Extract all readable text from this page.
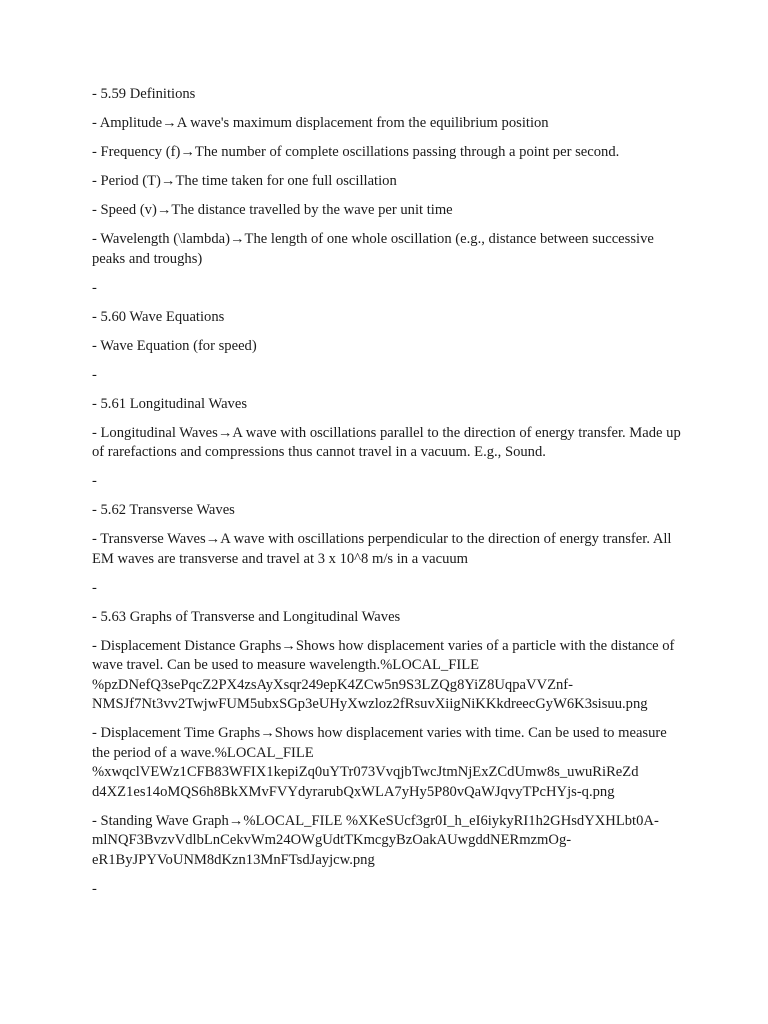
- 5.59 Definitions

- Amplitude→A wave's maximum displacement from the equilibrium position

- Frequency (f)→The number of complete oscillations passing through a point per second.

- Period (T)→The time taken for one full oscillation

- Speed (v)→The distance travelled by the wave per unit time

- Wavelength (\lambda)→The length of one whole oscillation (e.g., distance between successive peaks and troughs)

-

- 5.60 Wave Equations

- Wave Equation (for speed)

-

- 5.61 Longitudinal Waves

- Longitudinal Waves→A wave with oscillations parallel to the direction of energy transfer. Made up of rarefactions and compressions thus cannot travel in a vacuum. E.g., Sound.

-

- 5.62 Transverse Waves

- Transverse Waves→A wave with oscillations perpendicular to the direction of energy transfer. All EM waves are transverse and travel at 3 x 10^8 m/s in a vacuum

-

- 5.63 Graphs of Transverse and Longitudinal Waves

- Displacement Distance Graphs→Shows how displacement varies of a particle with the distance of wave travel. Can be used to measure wavelength.%LOCAL_FILE %pzDNefQ3sePqcZ2PX4zsAyXsqr249epK4ZCw5n9S3LZQg8YiZ8UqpaVVZnf-NMSJf7Nt3vv2TwjwFUM5ubxSGp3eUHyXwzloz2fRsuvXiigNiKKkdreecGyW6K3sisuu.png

- Displacement Time Graphs→Shows how displacement varies with time. Can be used to measure the period of a wave.%LOCAL_FILE %xwqclVEWz1CFB83WFIX1kepiZq0uYTr073VvqjbTwcJtmNjExZCdUmw8s_uwuRiReZd d4XZ1es14oMQS6h8BkXMvFVYdyrarubQxWLA7yHy5P80vQaWJqvyTPcHYjs-q.png

- Standing Wave Graph→%LOCAL_FILE %XKeSUcf3gr0I_h_eI6iykyRI1h2GHsdYXHLbt0A-mlNQF3BvzvVdlbLnCekvWm24OWgUdtTKmcgyBzOakAUwgddNERmzmOg-eR1ByJPYVoUNM8dKzn13MnFTsdJayjcw.png

-
